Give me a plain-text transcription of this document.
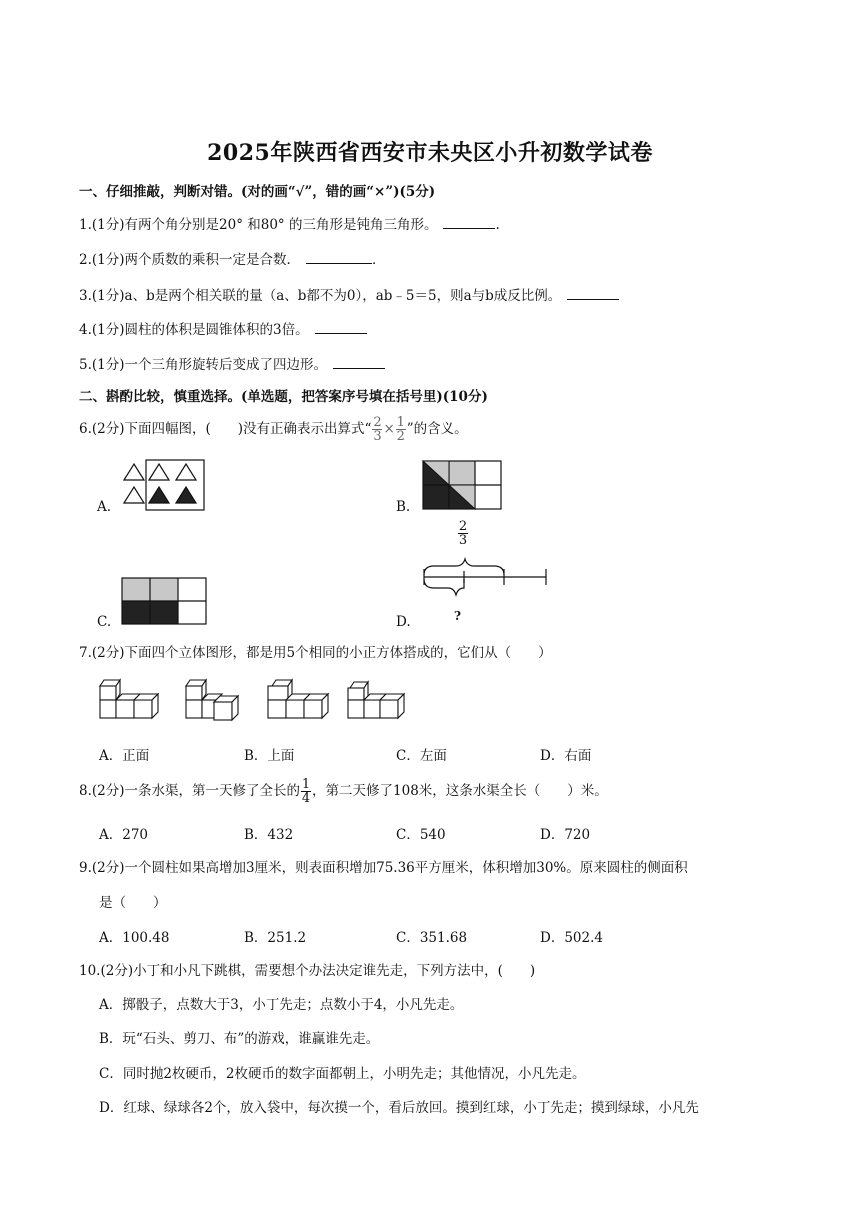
2025年陕西省西安市未央区小升初数学试卷
一、仔细推敲，判断对错。(对的画“√”，错的画“×”)(5分)
1.(1分)有两个角分别是20° 和80° 的三角形是钝角三角形。	.
2.(1分)两个质数的乘积一定是合数．	．
3.(1分)a、b是两个相关联的量（a、b都不为0），ab﹣5＝5，则a与b成反比例。
4.(1分)圆柱的体积是圆锥体积的3倍。
5.(1分)一个三角形旋转后变成了四边形。
二、斟酌比较，慎重选择。(单选题，把答案序号填在括号里)(10分)
6.(2分)下面四幅图，(　　)没有正确表示出算式“ $\frac{2}{3} \times \frac{1}{2}$ ”的含义。
A.	B.
C.	D.
2
3
?
7.(2分)下面四个立体图形，都是用5个相同的小正方体搭成的，它们从（　　）
A．正面	B．上面	C．左面	D．右面
8.(2分)一条水渠，第一天修了全长的 $\frac{1}{4}$ ，第二天修了108米，这条水渠全长（　　）米。
A．270	B．432	C．540	D．720
9.(2分)一个圆柱如果高增加3厘米，则表面积增加75.36平方厘米，体积增加30%。原来圆柱的侧面积
是（　　）
A．100.48	B．251.2	C．351.68	D．502.4
10.(2分)小丁和小凡下跳棋，需要想个办法决定谁先走，下列方法中，(　　)
A．掷骰子，点数大于3，小丁先走；点数小于4，小凡先走。
B．玩“石头、剪刀、布”的游戏，谁赢谁先走。
C．同时抛2枚硬币，2枚硬币的数字面都朝上，小明先走；其他情况，小凡先走。
D．红球、绿球各2个，放入袋中，每次摸一个，看后放回。摸到红球，小丁先走；摸到绿球，小凡先
